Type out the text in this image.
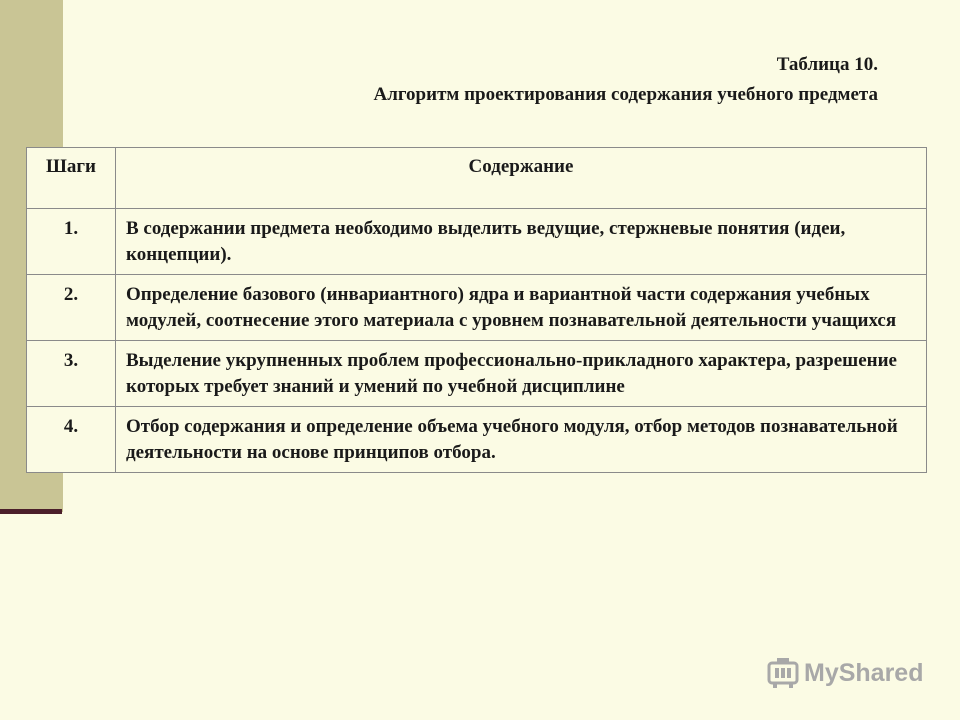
Таблица 10.
Алгоритм проектирования содержания учебного предмета
Шаги	Содержание
1.	В содержании предмета необходимо выделить ведущие, стержневые понятия (идеи, концепции).
2.	Определение базового (инвариантного) ядра и вариантной части содержания учебных модулей, соотнесение этого материала с уровнем познавательной деятельности учащихся
3.	Выделение укрупненных проблем профессионально-прикладного характера, разрешение которых требует знаний и умений по учебной дисциплине
4.	Отбор содержания и определение объема учебного модуля, отбор методов познавательной деятельности на основе принципов отбора.
MyShared
